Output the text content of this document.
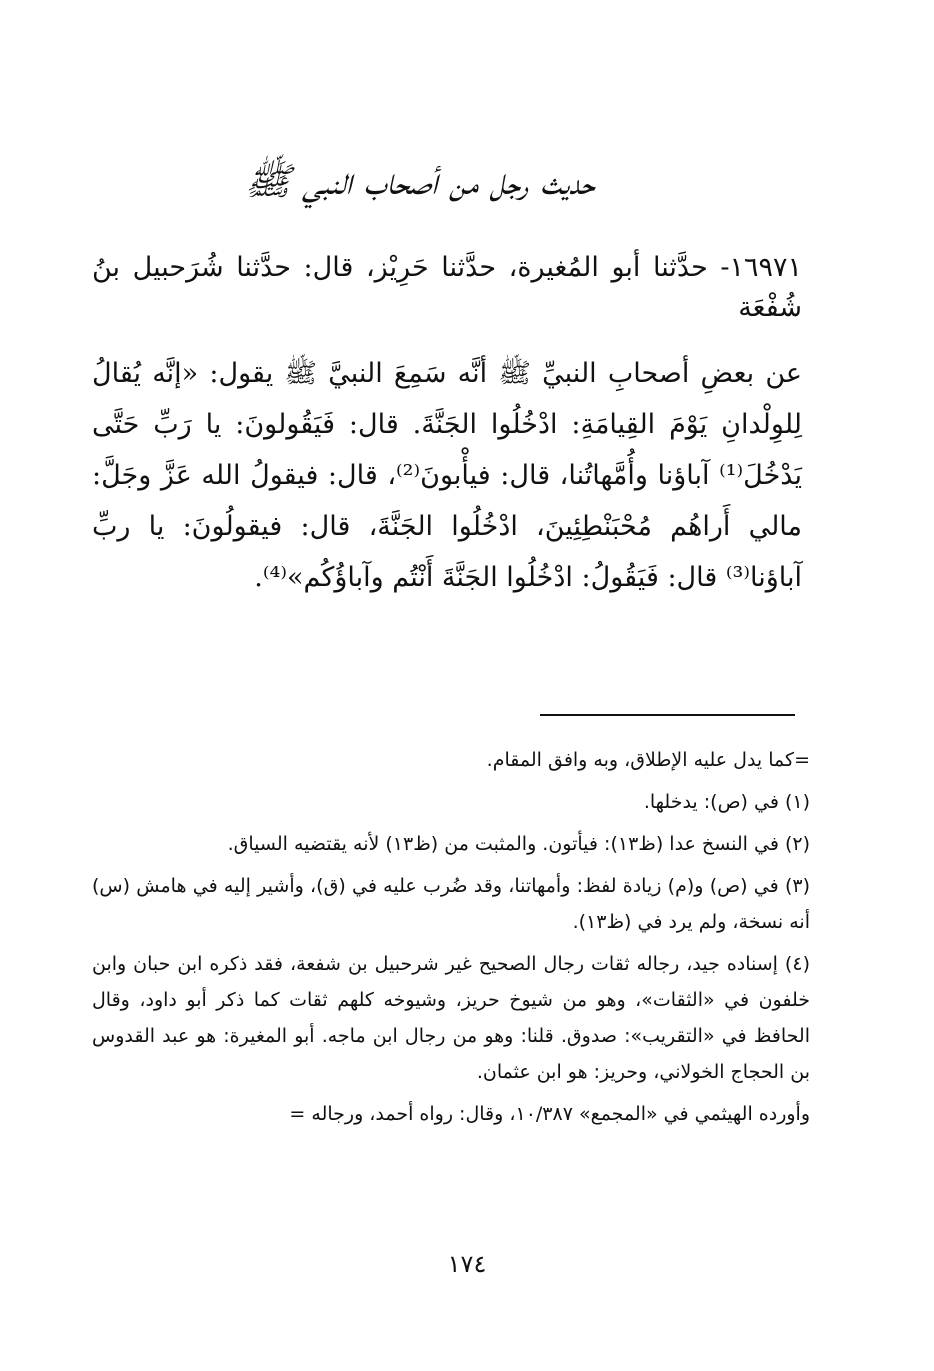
حديث رجل من أصحاب النبي ﷺ
١٦٩٧١- حدَّثنا أبو المُغيرة، حدَّثنا حَرِيْز، قال: حدَّثنا شُرَحبيل بنُ شُفْعَة
عن بعضِ أصحابِ النبيِّ ﷺ أنَّه سَمِعَ النبيَّ ﷺ يقول: «إنَّه يُقالُ لِلوِلْدانِ يَوْمَ القِيامَةِ: ادْخُلُوا الجَنَّةَ. قال: فَيَقُولونَ: يا رَبِّ حَتَّى يَدْخُلَ⁽¹⁾ آباؤنا وأُمَّهاتُنا، قال: فيأْبونَ⁽²⁾، قال: فيقولُ الله عَزَّ وجَلَّ: مالي أَراهُم مُحْبَنْطِئِينَ، ادْخُلُوا الجَنَّةَ، قال: فيقولُونَ: يا ربِّ آباؤنا⁽³⁾ قال: فَيَقُولُ: ادْخُلُوا الجَنَّةَ أَنْتُم وآباؤُكُم»⁽⁴⁾.

=كما يدل عليه الإطلاق، وبه وافق المقام.

(١) في (ص): يدخلها.

(٢) في النسخ عدا (ظ١٣): فيأتون. والمثبت من (ظ١٣) لأنه يقتضيه السياق.

(٣) في (ص) و(م) زيادة لفظ: وأمهاتنا، وقد ضُرب عليه في (ق)، وأشير إليه في هامش (س) أنه نسخة، ولم يرد في (ظ١٣).

(٤) إسناده جيد، رجاله ثقات رجال الصحيح غير شرحبيل بن شفعة، فقد ذكره ابن حبان وابن خلفون في «الثقات»، وهو من شيوخ حريز، وشيوخه كلهم ثقات كما ذكر أبو داود، وقال الحافظ في «التقريب»: صدوق. قلنا: وهو من رجال ابن ماجه. أبو المغيرة: هو عبد القدوس بن الحجاج الخولاني، وحريز: هو ابن عثمان.

وأورده الهيثمي في «المجمع» ١٠/٣٨٧، وقال: رواه أحمد، ورجاله =

١٧٤
